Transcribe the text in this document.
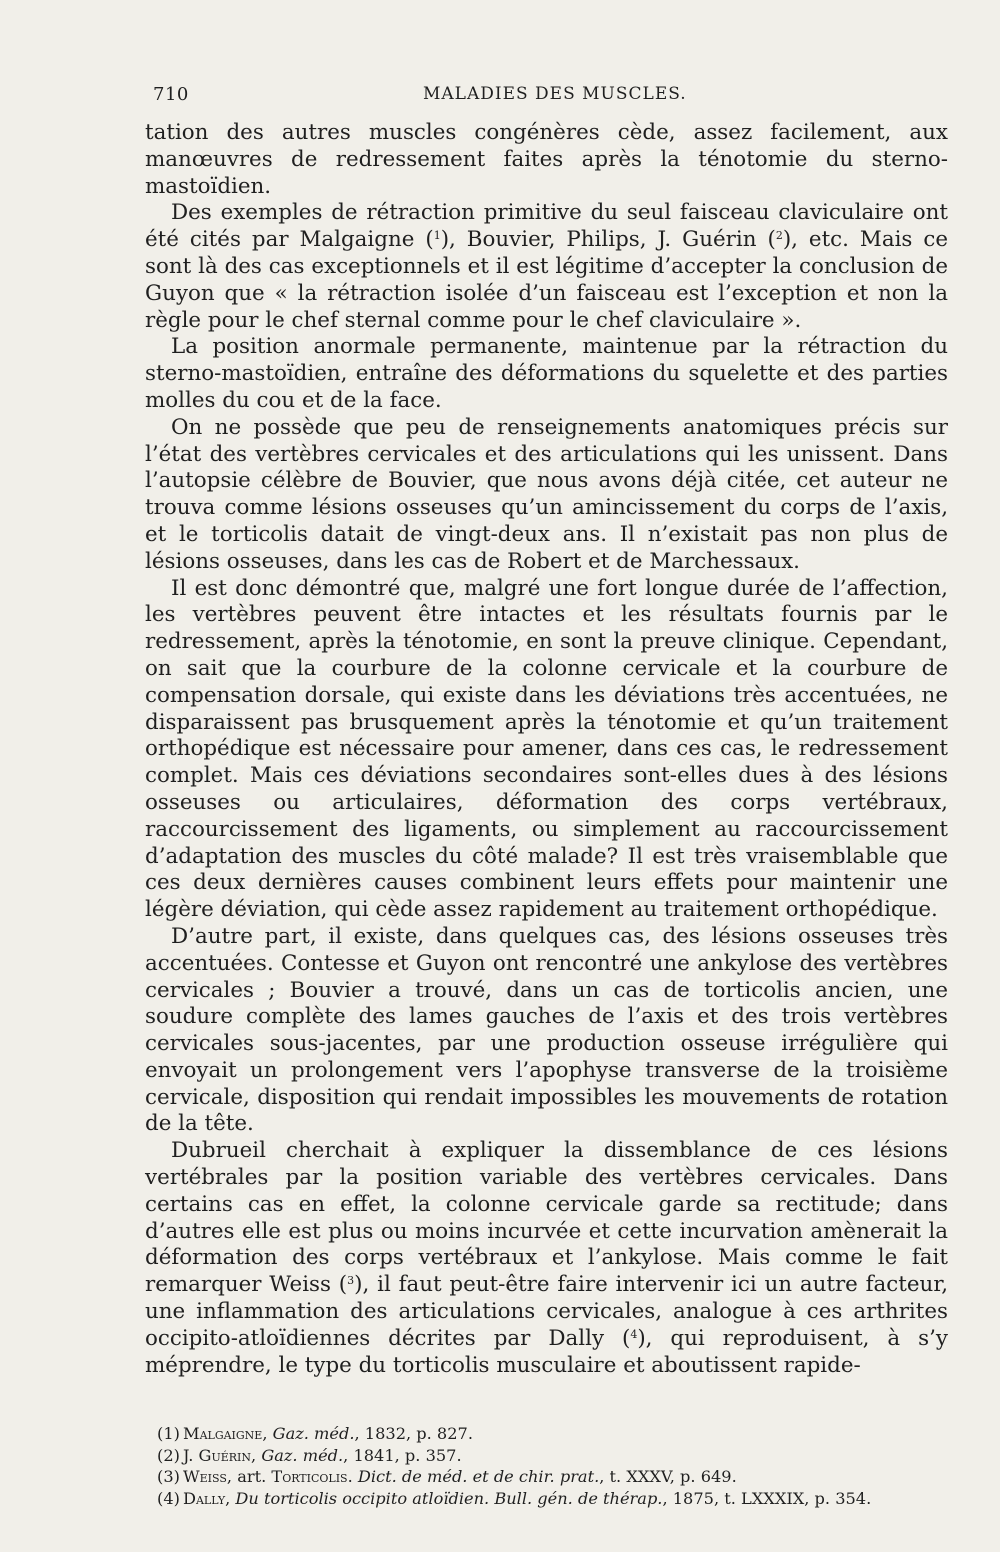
710	MALADIES DES MUSCLES.

tation des autres muscles congénères cède, assez facilement, aux manœuvres de redressement faites après la ténotomie du sterno-mastoïdien.

Des exemples de rétraction primitive du seul faisceau claviculaire ont été cités par Malgaigne ($^1$), Bouvier, Philips, J. Guérin ($^2$), etc. Mais ce sont là des cas exceptionnels et il est légitime d’accepter la conclusion de Guyon que « la rétraction isolée d’un faisceau est l’exception et non la règle pour le chef sternal comme pour le chef claviculaire ».

La position anormale permanente, maintenue par la rétraction du sterno-mastoïdien, entraîne des déformations du squelette et des parties molles du cou et de la face.

On ne possède que peu de renseignements anatomiques précis sur l’état des vertèbres cervicales et des articulations qui les unissent. Dans l’autopsie célèbre de Bouvier, que nous avons déjà citée, cet auteur ne trouva comme lésions osseuses qu’un amincissement du corps de l’axis, et le torticolis datait de vingt-deux ans. Il n’existait pas non plus de lésions osseuses, dans les cas de Robert et de Marchessaux.

Il est donc démontré que, malgré une fort longue durée de l’affection, les vertèbres peuvent être intactes et les résultats fournis par le redressement, après la ténotomie, en sont la preuve clinique. Cependant, on sait que la courbure de la colonne cervicale et la courbure de compensation dorsale, qui existe dans les déviations très accentuées, ne disparaissent pas brusquement après la ténotomie et qu’un traitement orthopédique est nécessaire pour amener, dans ces cas, le redressement complet. Mais ces déviations secondaires sont-elles dues à des lésions osseuses ou articulaires, déformation des corps vertébraux, raccourcissement des ligaments, ou simplement au raccourcissement d’adaptation des muscles du côté malade? Il est très vraisemblable que ces deux dernières causes combinent leurs effets pour maintenir une légère déviation, qui cède assez rapidement au traitement orthopédique.

D’autre part, il existe, dans quelques cas, des lésions osseuses très accentuées. Contesse et Guyon ont rencontré une ankylose des vertèbres cervicales ; Bouvier a trouvé, dans un cas de torticolis ancien, une soudure complète des lames gauches de l’axis et des trois vertèbres cervicales sous-jacentes, par une production osseuse irrégulière qui envoyait un prolongement vers l’apophyse transverse de la troisième cervicale, disposition qui rendait impossibles les mouvements de rotation de la tête.

Dubrueil cherchait à expliquer la dissemblance de ces lésions vertébrales par la position variable des vertèbres cervicales. Dans certains cas en effet, la colonne cervicale garde sa rectitude; dans d’autres elle est plus ou moins incurvée et cette incurvation amènerait la déformation des corps vertébraux et l’ankylose. Mais comme le fait remarquer Weiss ($^3$), il faut peut-être faire intervenir ici un autre facteur, une inflammation des articulations cervicales, analogue à ces arthrites occipito-atloïdiennes décrites par Dally ($^4$), qui reproduisent, à s’y méprendre, le type du torticolis musculaire et aboutissent rapide-

(1) Malgaigne, Gaz. méd., 1832, p. 827.
(2) J. Guérin, Gaz. méd., 1841, p. 357.
(3) Weiss, art. Torticolis. Dict. de méd. et de chir. prat., t. XXXV, p. 649.
(4) Dally, Du torticolis occipito atloïdien. Bull. gén. de thérap., 1875, t. LXXXIX, p. 354.
